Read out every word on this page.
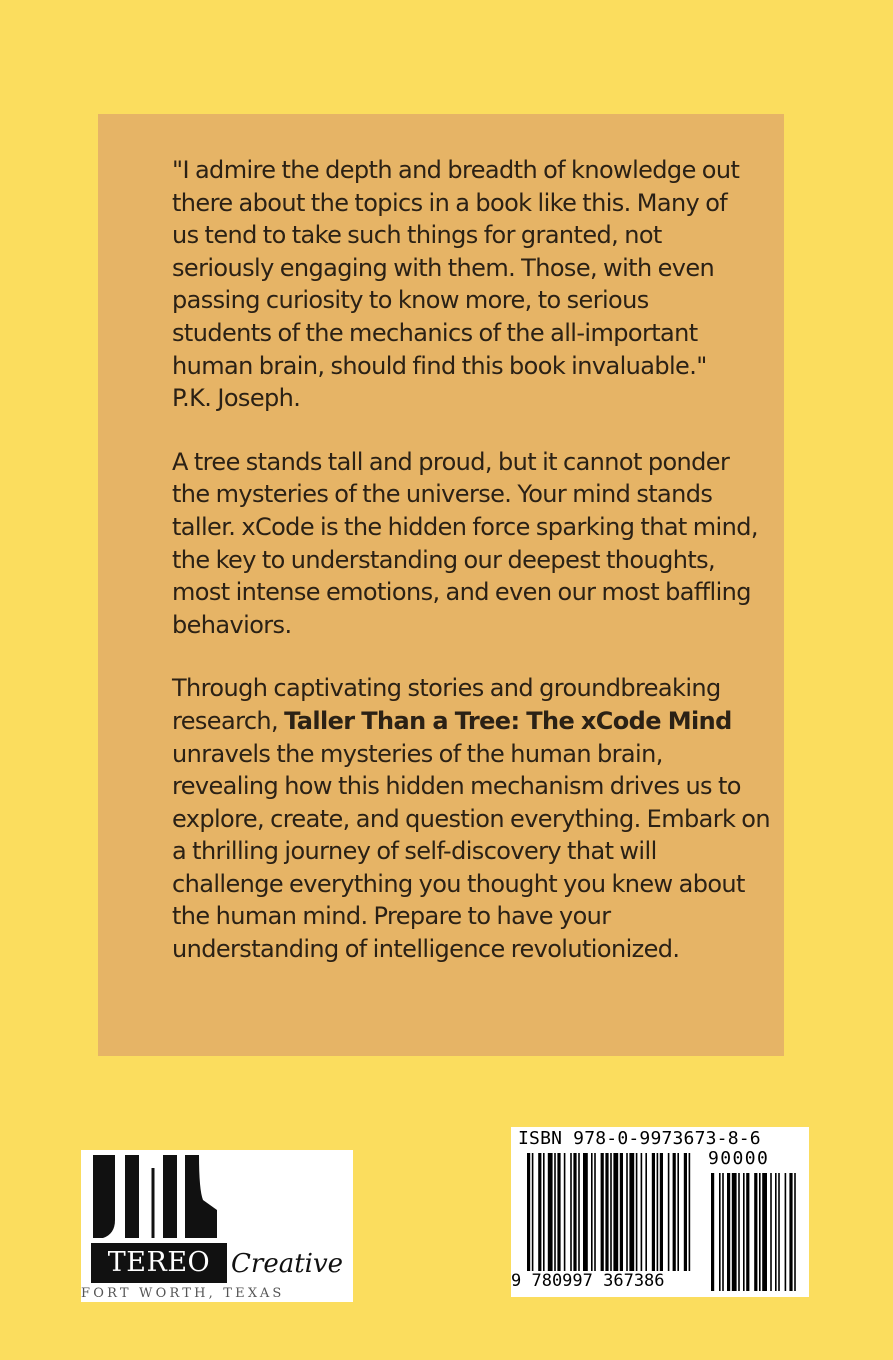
"I admire the depth and breadth of knowledge out
there about the topics in a book like this. Many of
us tend to take such things for granted, not
seriously engaging with them. Those, with even
passing curiosity to know more, to serious
students of the mechanics of the all-important
human brain, should find this book invaluable."
P.K. Joseph.

A tree stands tall and proud, but it cannot ponder the mysteries of the universe. Your mind stands taller. xCode is the hidden force sparking that mind, the key to understanding our deepest thoughts, most intense emotions, and even our most baffling behaviors.

Through captivating stories and groundbreaking research, Taller Than a Tree: The xCode Mind unravels the mysteries of the human brain, revealing how this hidden mechanism drives us to explore, create, and question everything. Embark on a thrilling journey of self-discovery that will challenge everything you thought you knew about the human mind. Prepare to have your understanding of intelligence revolutionized.

TEREO Creative
FORT WORTH, TEXAS
ISBN 978-0-9973673-8-6
90000
9 780997 367386
